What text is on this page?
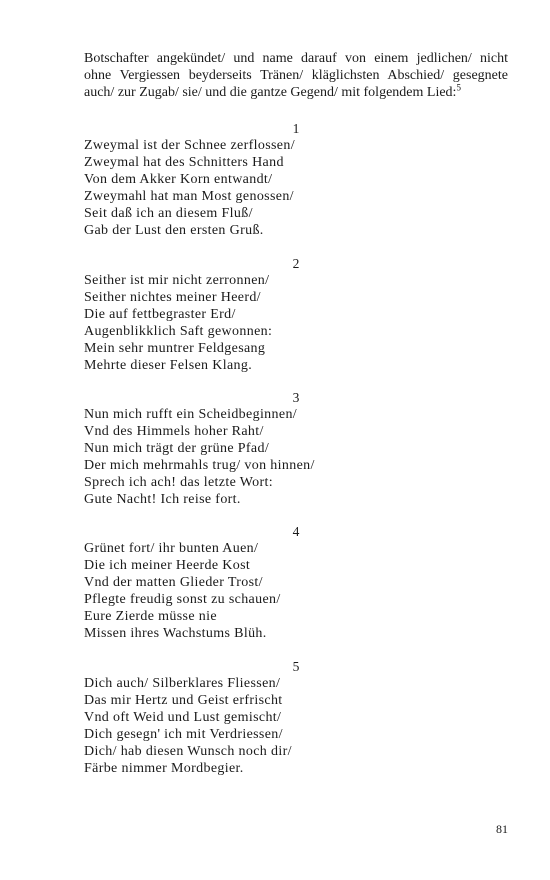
Botschafter angekündet/ und name darauf von einem jedlichen/ nicht
ohne Vergiessen beyderseits Tränen/ kläglichsten Abschied/ gesegnete
auch/ zur Zugab/ sie/ und die gantze Gegend/ mit folgendem Lied:$^5$

1
Zweymal ist der Schnee zerflossen/
Zweymal hat des Schnitters Hand
Von dem Akker Korn entwandt/
Zweymahl hat man Most genossen/
Seit daß ich an diesem Fluß/
Gab der Lust den ersten Gruß.
2
Seither ist mir nicht zerronnen/
Seither nichtes meiner Heerd/
Die auf fettbegraster Erd/
Augenblikklich Saft gewonnen:
Mein sehr muntrer Feldgesang
Mehrte dieser Felsen Klang.
3
Nun mich rufft ein Scheidbeginnen/
Vnd des Himmels hoher Raht/
Nun mich trägt der grüne Pfad/
Der mich mehrmahls trug/ von hinnen/
Sprech ich ach! das letzte Wort:
Gute Nacht! Ich reise fort.
4
Grünet fort/ ihr bunten Auen/
Die ich meiner Heerde Kost
Vnd der matten Glieder Trost/
Pflegte freudig sonst zu schauen/
Eure Zierde müsse nie
Missen ihres Wachstums Blüh.
5
Dich auch/ Silberklares Fliessen/
Das mir Hertz und Geist erfrischt
Vnd oft Weid und Lust gemischt/
Dich gesegn' ich mit Verdriessen/
Dich/ hab diesen Wunsch noch dir/
Färbe nimmer Mordbegier.
81
